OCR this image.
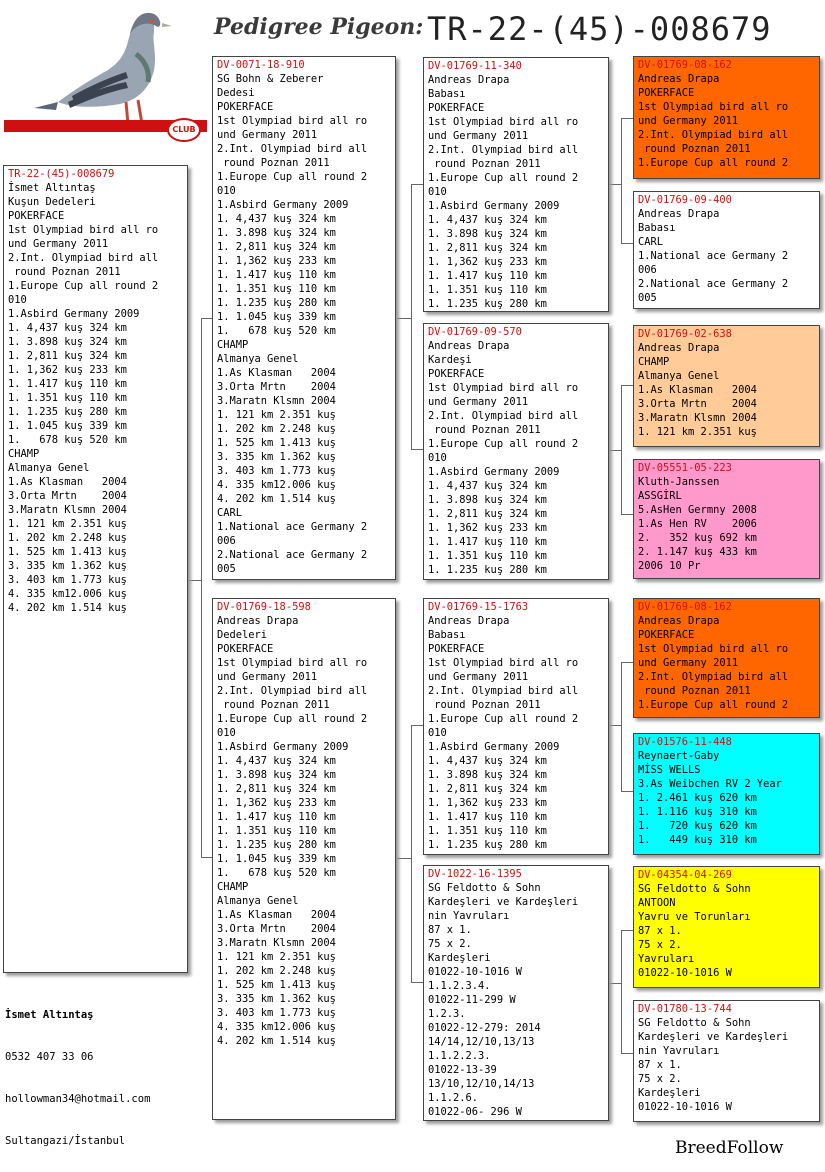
CLUB
Pedigree Pigeon: TR-22-(45)-008679
TR-22-(45)-008679
İsmet Altıntaş
Kuşun Dedeleri
POKERFACE
1st Olympiad bird all ro
und Germany 2011
2.Int. Olympiad bird all
round Poznan 2011
1.Europe Cup all round 2
010
1.Asbird Germany 2009
1. 4,437 kuş 324 km
1. 3.898 kuş 324 km
1. 2,811 kuş 324 km
1. 1,362 kuş 233 km
1. 1.417 kuş 110 km
1. 1.351 kuş 110 km
1. 1.235 kuş 280 km
1. 1.045 kuş 339 km
1.   678 kuş 520 km
CHAMP
Almanya Genel
1.As Klasman   2004
3.Orta Mrtn    2004
3.Maratn Klsmn 2004
1. 121 km 2.351 kuş
1. 202 km 2.248 kuş
1. 525 km 1.413 kuş
3. 335 km 1.362 kuş
3. 403 km 1.773 kuş
4. 335 km12.006 kuş
4. 202 km 1.514 kuş
DV-0071-18-910
SG Bohn & Zeberer
Dedesi
POKERFACE
1st Olympiad bird all ro
und Germany 2011
2.Int. Olympiad bird all
round Poznan 2011
1.Europe Cup all round 2
010
1.Asbird Germany 2009
1. 4,437 kuş 324 km
1. 3.898 kuş 324 km
1. 2,811 kuş 324 km
1. 1,362 kuş 233 km
1. 1.417 kuş 110 km
1. 1.351 kuş 110 km
1. 1.235 kuş 280 km
1. 1.045 kuş 339 km
1.   678 kuş 520 km
CHAMP
Almanya Genel
1.As Klasman   2004
3.Orta Mrtn    2004
3.Maratn Klsmn 2004
1. 121 km 2.351 kuş
1. 202 km 2.248 kuş
1. 525 km 1.413 kuş
3. 335 km 1.362 kuş
3. 403 km 1.773 kuş
4. 335 km12.006 kuş
4. 202 km 1.514 kuş
CARL
1.National ace Germany 2
006
2.National ace Germany 2
005
DV-01769-18-598
Andreas Drapa
Dedeleri
POKERFACE
1st Olympiad bird all ro
und Germany 2011
2.Int. Olympiad bird all
round Poznan 2011
1.Europe Cup all round 2
010
1.Asbird Germany 2009
1. 4,437 kuş 324 km
1. 3.898 kuş 324 km
1. 2,811 kuş 324 km
1. 1,362 kuş 233 km
1. 1.417 kuş 110 km
1. 1.351 kuş 110 km
1. 1.235 kuş 280 km
1. 1.045 kuş 339 km
1.   678 kuş 520 km
CHAMP
Almanya Genel
1.As Klasman   2004
3.Orta Mrtn    2004
3.Maratn Klsmn 2004
1. 121 km 2.351 kuş
1. 202 km 2.248 kuş
1. 525 km 1.413 kuş
3. 335 km 1.362 kuş
3. 403 km 1.773 kuş
4. 335 km12.006 kuş
4. 202 km 1.514 kuş
DV-01769-11-340
Andreas Drapa
Babası
POKERFACE
1st Olympiad bird all ro
und Germany 2011
2.Int. Olympiad bird all
round Poznan 2011
1.Europe Cup all round 2
010
1.Asbird Germany 2009
1. 4,437 kuş 324 km
1. 3.898 kuş 324 km
1. 2,811 kuş 324 km
1. 1,362 kuş 233 km
1. 1.417 kuş 110 km
1. 1.351 kuş 110 km
1. 1.235 kuş 280 km
DV-01769-09-570
Andreas Drapa
Kardeşi
POKERFACE
1st Olympiad bird all ro
und Germany 2011
2.Int. Olympiad bird all
round Poznan 2011
1.Europe Cup all round 2
010
1.Asbird Germany 2009
1. 4,437 kuş 324 km
1. 3.898 kuş 324 km
1. 2,811 kuş 324 km
1. 1,362 kuş 233 km
1. 1.417 kuş 110 km
1. 1.351 kuş 110 km
1. 1.235 kuş 280 km
DV-01769-15-1763
Andreas Drapa
Babası
POKERFACE
1st Olympiad bird all ro
und Germany 2011
2.Int. Olympiad bird all
round Poznan 2011
1.Europe Cup all round 2
010
1.Asbird Germany 2009
1. 4,437 kuş 324 km
1. 3.898 kuş 324 km
1. 2,811 kuş 324 km
1. 1,362 kuş 233 km
1. 1.417 kuş 110 km
1. 1.351 kuş 110 km
1. 1.235 kuş 280 km
DV-1022-16-1395
SG Feldotto & Sohn
Kardeşleri ve Kardeşleri
nin Yavruları
87 x 1.
75 x 2.
Kardeşleri
01022-10-1016 W
1.1.2.3.4.
01022-11-299 W
1.2.3.
01022-12-279: 2014
14/14,12/10,13/13
1.1.2.2.3.
01022-13-39
13/10,12/10,14/13
1.1.2.6.
01022-06- 296 W
DV-01769-08-162
Andreas Drapa
POKERFACE
1st Olympiad bird all ro
und Germany 2011
2.Int. Olympiad bird all
round Poznan 2011
1.Europe Cup all round 2
DV-01769-09-400
Andreas Drapa
Babası
CARL
1.National ace Germany 2
006
2.National ace Germany 2
005
DV-01769-02-638
Andreas Drapa
CHAMP
Almanya Genel
1.As Klasman   2004
3.Orta Mrtn    2004
3.Maratn Klsmn 2004
1. 121 km 2.351 kuş
DV-05551-05-223
Kluth-Janssen
ASSGİRL
5.AsHen Germny 2008
1.As Hen RV    2006
2.   352 kuş 692 km
2. 1.147 kuş 433 km
2006 10 Pr
DV-01769-08-162
Andreas Drapa
POKERFACE
1st Olympiad bird all ro
und Germany 2011
2.Int. Olympiad bird all
round Poznan 2011
1.Europe Cup all round 2
DV-01576-11-448
Reynaert-Gaby
MİSS WELLS
3.As Weibchen RV 2 Year
1. 2.461 kuş 620 km
1. 1.116 kuş 310 km
1.   720 kuş 620 km
1.   449 kuş 310 km
DV-04354-04-269
SG Feldotto & Sohn
ANTOON
Yavru ve Torunları
87 x 1.
75 x 2.
Yavruları
01022-10-1016 W
DV-01780-13-744
SG Feldotto & Sohn
Kardeşleri ve Kardeşleri
nin Yavruları
87 x 1.
75 x 2.
Kardeşleri
01022-10-1016 W

İsmet Altıntaş

0532 407 33 06

hollowman34@hotmail.com

Sultangazi/İstanbul	BreedFollow
